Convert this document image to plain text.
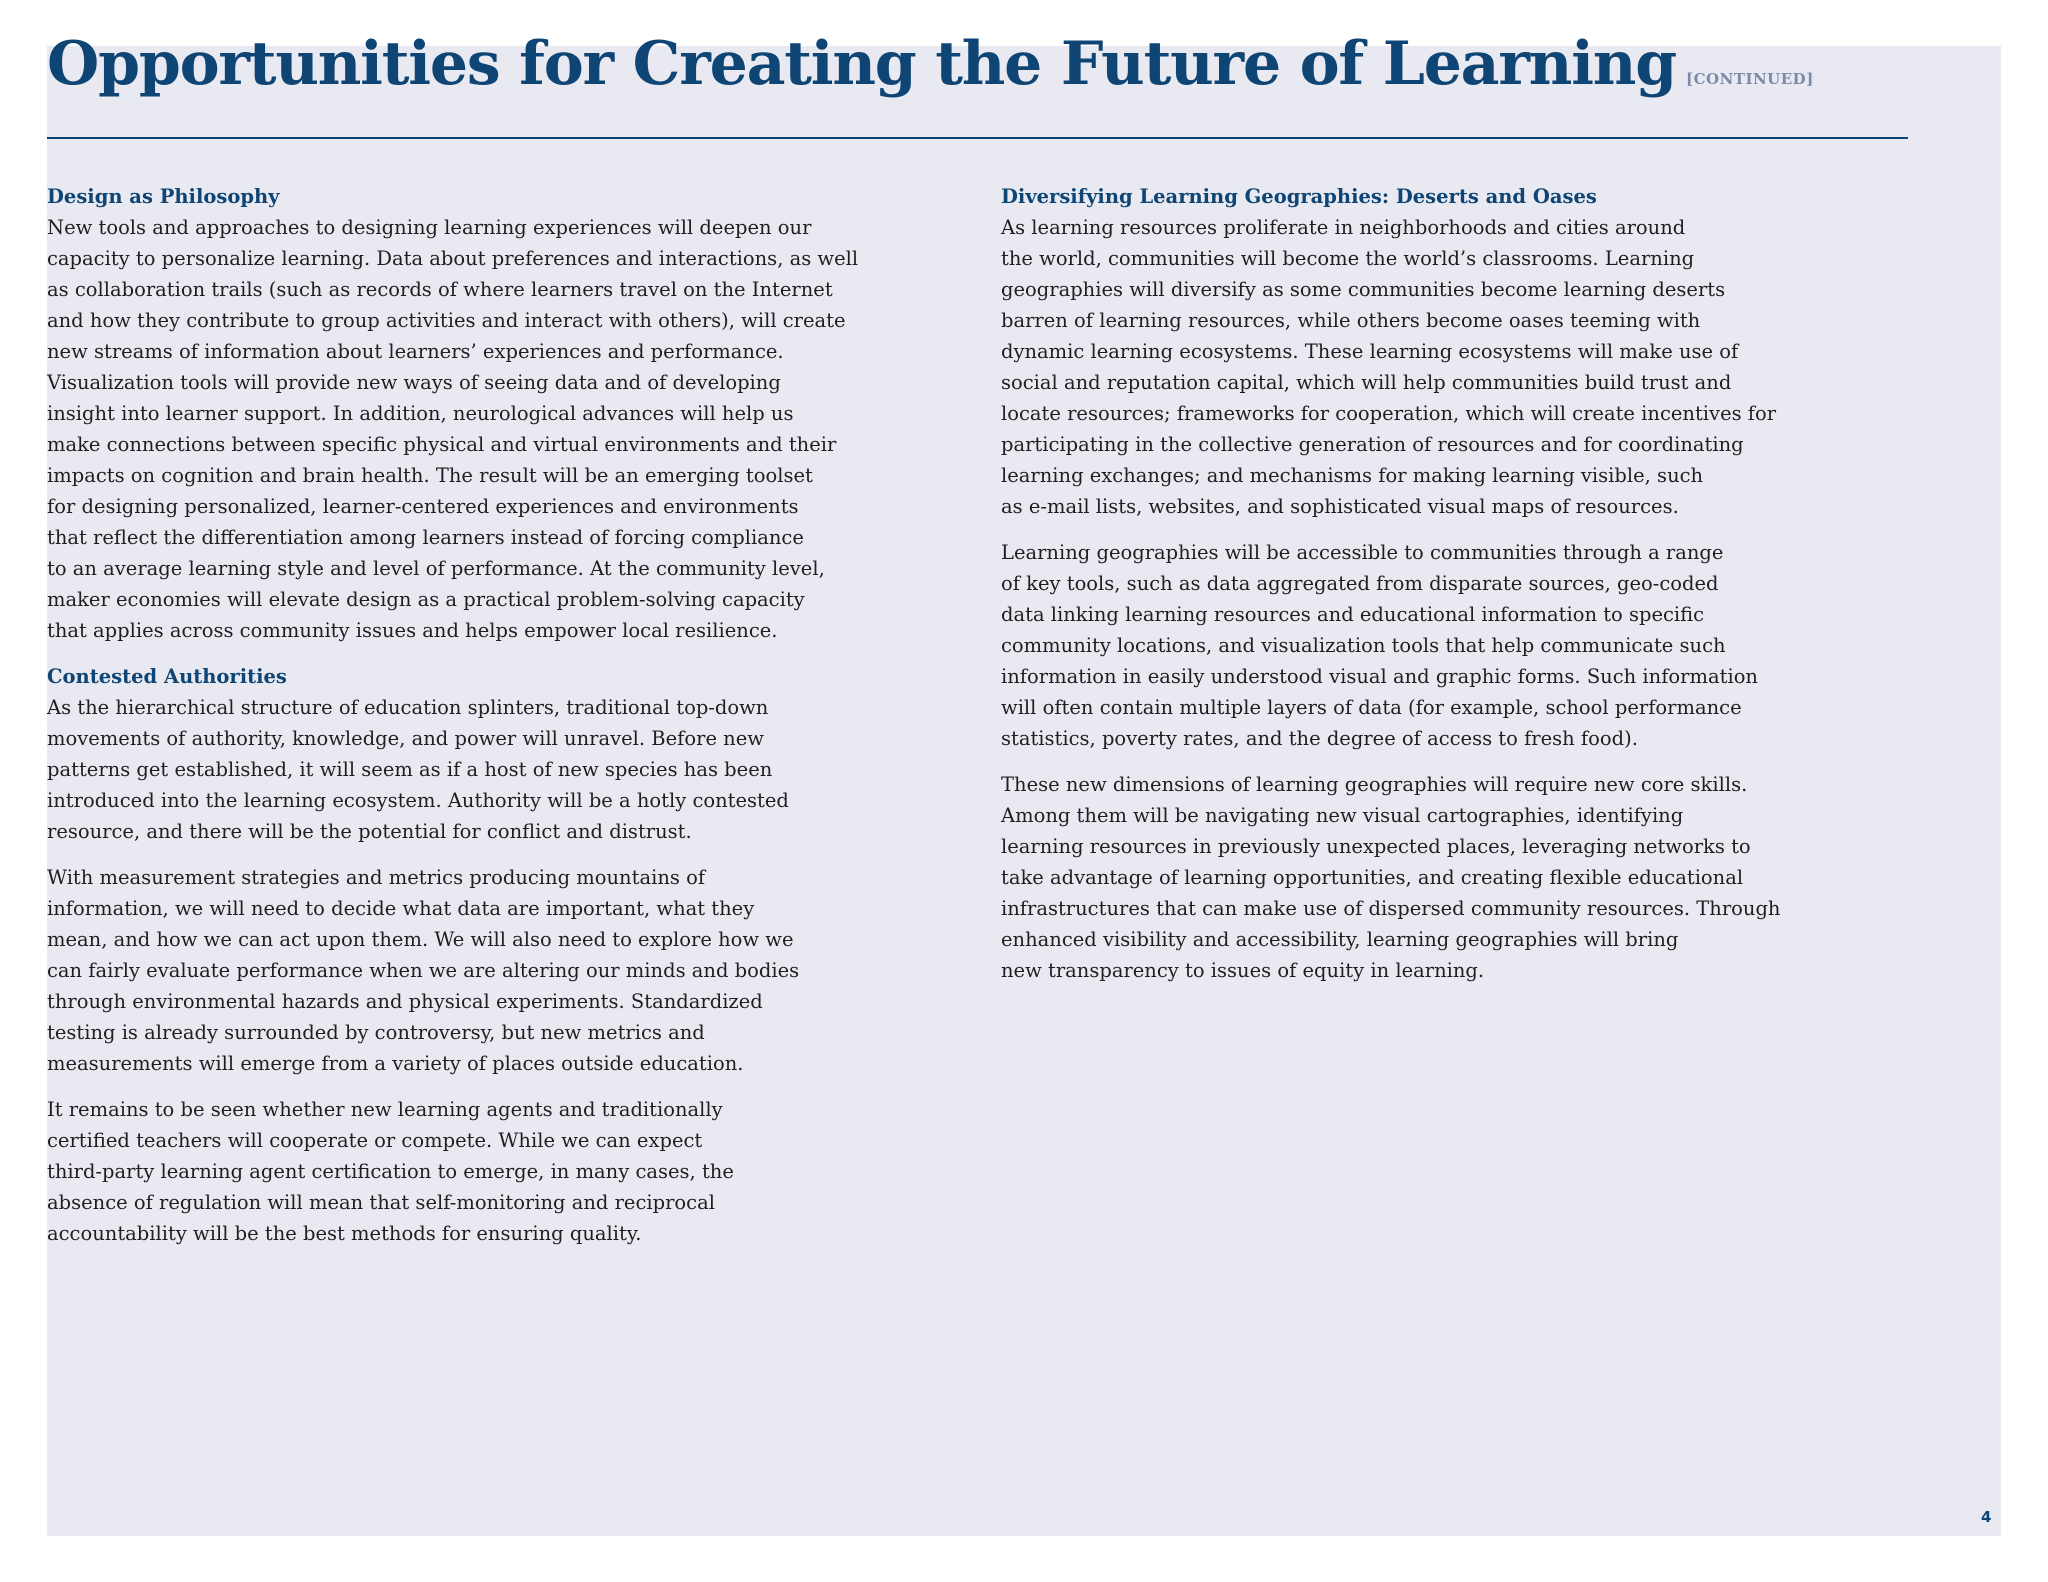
Opportunities for Creating the Future of Learning [CONTINUED]
Design as Philosophy

New tools and approaches to designing learning experiences will deepen our
capacity to personalize learning. Data about preferences and interactions, as well
as collaboration trails (such as records of where learners travel on the Internet
and how they contribute to group activities and interact with others), will create
new streams of information about learners’ experiences and performance.
Visualization tools will provide new ways of seeing data and of developing
insight into learner support. In addition, neurological advances will help us
make connections between specific physical and virtual environments and their
impacts on cognition and brain health. The result will be an emerging toolset
for designing personalized, learner-centered experiences and environments
that reflect the differentiation among learners instead of forcing compliance
to an average learning style and level of performance. At the community level,
maker economies will elevate design as a practical problem-solving capacity
that applies across community issues and helps empower local resilience.

Contested Authorities

As the hierarchical structure of education splinters, traditional top-down
movements of authority, knowledge, and power will unravel. Before new
patterns get established, it will seem as if a host of new species has been
introduced into the learning ecosystem. Authority will be a hotly contested
resource, and there will be the potential for conflict and distrust.

With measurement strategies and metrics producing mountains of
information, we will need to decide what data are important, what they
mean, and how we can act upon them. We will also need to explore how we
can fairly evaluate performance when we are altering our minds and bodies
through environmental hazards and physical experiments. Standardized
testing is already surrounded by controversy, but new metrics and
measurements will emerge from a variety of places outside education.

It remains to be seen whether new learning agents and traditionally
certified teachers will cooperate or compete. While we can expect
third-party learning agent certification to emerge, in many cases, the
absence of regulation will mean that self-monitoring and reciprocal
accountability will be the best methods for ensuring quality.

Diversifying Learning Geographies: Deserts and Oases

As learning resources proliferate in neighborhoods and cities around
the world, communities will become the world’s classrooms. Learning
geographies will diversify as some communities become learning deserts
barren of learning resources, while others become oases teeming with
dynamic learning ecosystems. These learning ecosystems will make use of
social and reputation capital, which will help communities build trust and
locate resources; frameworks for cooperation, which will create incentives for
participating in the collective generation of resources and for coordinating
learning exchanges; and mechanisms for making learning visible, such
as e-mail lists, websites, and sophisticated visual maps of resources.

Learning geographies will be accessible to communities through a range
of key tools, such as data aggregated from disparate sources, geo-coded
data linking learning resources and educational information to specific
community locations, and visualization tools that help communicate such
information in easily understood visual and graphic forms. Such information
will often contain multiple layers of data (for example, school performance
statistics, poverty rates, and the degree of access to fresh food).

These new dimensions of learning geographies will require new core skills.
Among them will be navigating new visual cartographies, identifying
learning resources in previously unexpected places, leveraging networks to
take advantage of learning opportunities, and creating flexible educational
infrastructures that can make use of dispersed community resources. Through
enhanced visibility and accessibility, learning geographies will bring
new transparency to issues of equity in learning.

4
